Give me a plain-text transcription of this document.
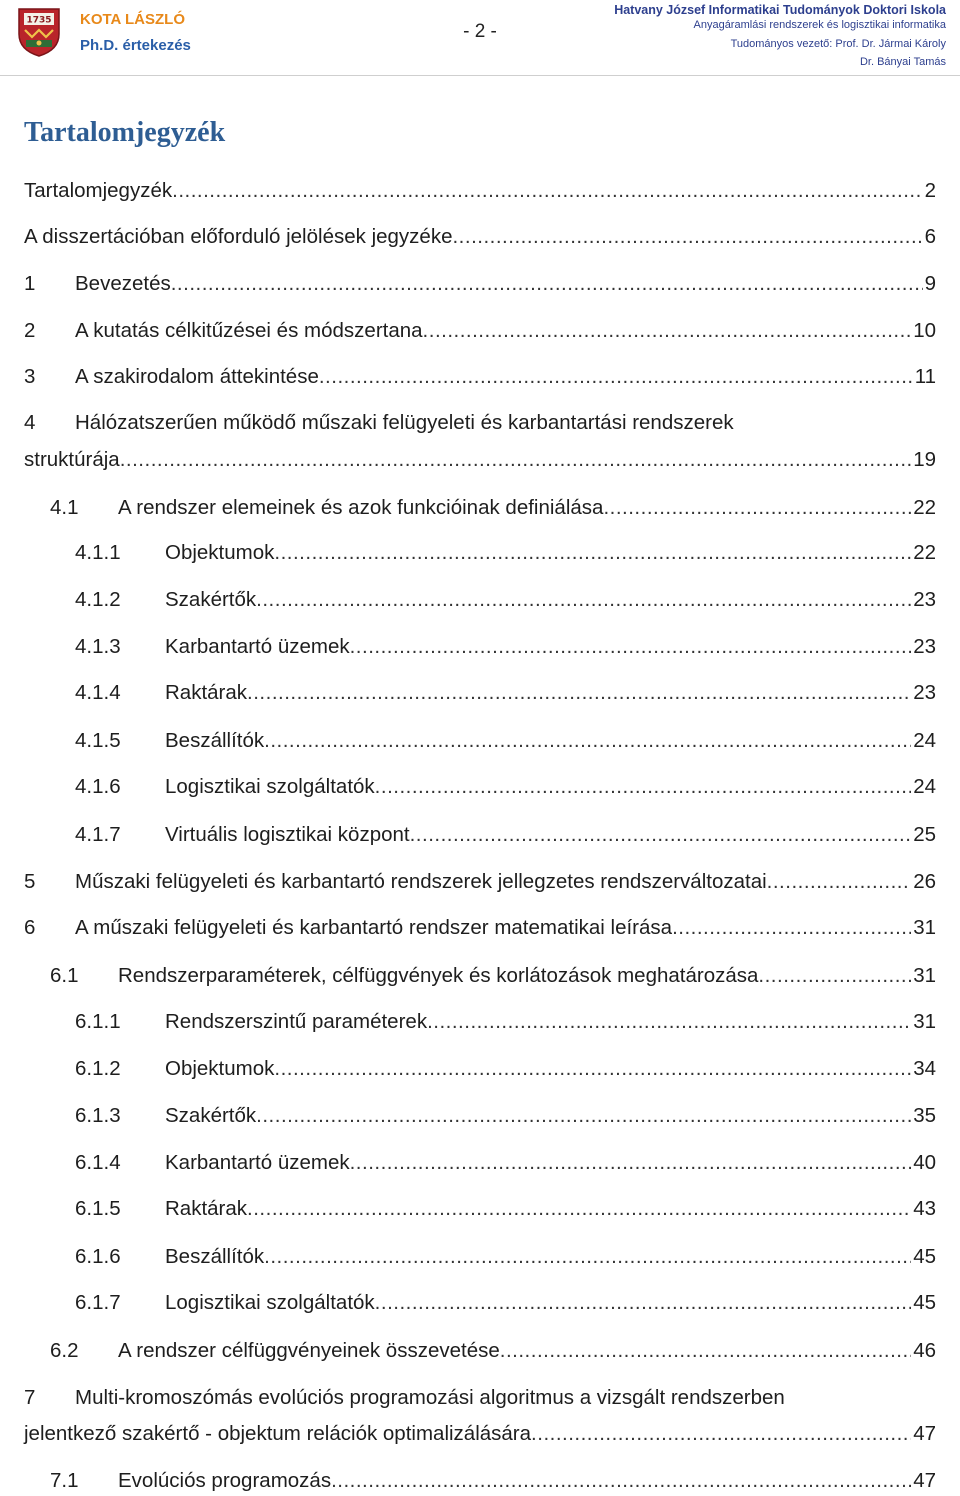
1735 KOTA LÁSZLÓ
Ph.D. értekezés
- 2 -
Hatvany József Informatikai Tudományok Doktori Iskola
Anyagáramlási rendszerek és logisztikai informatika
Tudományos vezető: Prof. Dr. Jármai Károly
Dr. Bányai Tamás
Tartalomjegyzék
Tartalomjegyzék .....	2
A disszertációban előforduló jelölések jegyzéke .....	6
1 Bevezetés .....	9
2 A kutatás célkitűzései és módszertana .....	10
3 A szakirodalom áttekintése .....	11
4 Hálózatszerűen működő műszaki felügyeleti és karbantartási rendszerek
struktúrája .....	19
4.1 A rendszer elemeinek és azok funkcióinak definiálása .....	22
4.1.1 Objektumok .....	22
4.1.2 Szakértők .....	23
4.1.3 Karbantartó üzemek .....	23
4.1.4 Raktárak .....	23
4.1.5 Beszállítók .....	24
4.1.6 Logisztikai szolgáltatók .....	24
4.1.7 Virtuális logisztikai központ .....	25
5 Műszaki felügyeleti és karbantartó rendszerek jellegzetes rendszerváltozatai .....	26
6 A műszaki felügyeleti és karbantartó rendszer matematikai leírása .....	31
6.1 Rendszerparaméterek, célfüggvények és korlátozások meghatározása .....	31
6.1.1 Rendszerszintű paraméterek .....	31
6.1.2 Objektumok .....	34
6.1.3 Szakértők .....	35
6.1.4 Karbantartó üzemek .....	40
6.1.5 Raktárak .....	43
6.1.6 Beszállítók .....	45
6.1.7 Logisztikai szolgáltatók .....	45
6.2 A rendszer célfüggvényeinek összevetése .....	46
7 Multi-kromoszómás evolúciós programozási algoritmus a vizsgált rendszerben
jelentkező szakértő - objektum relációk optimalizálására .....	47
7.1 Evolúciós programozás .....	47
